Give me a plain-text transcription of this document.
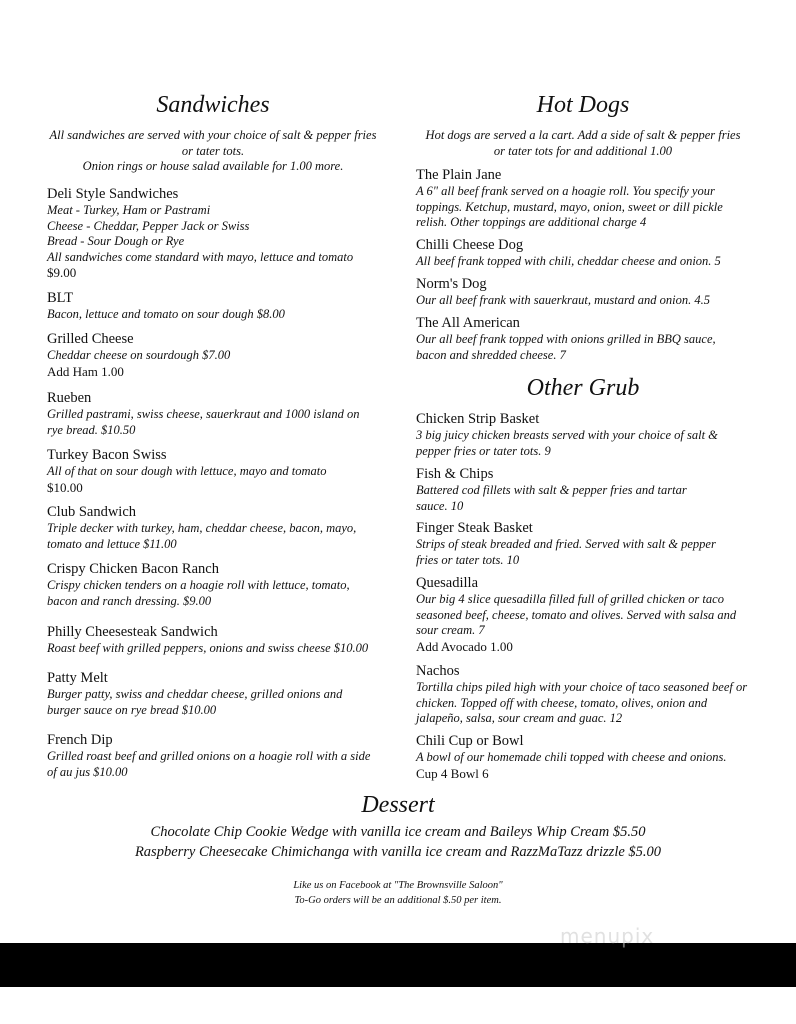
Sandwiches
All sandwiches are served with your choice of salt & pepper fries
or tater tots.
Onion rings or house salad available for 1.00 more.
Deli Style Sandwiches
Meat - Turkey, Ham or Pastrami
Cheese - Cheddar, Pepper Jack or Swiss
Bread - Sour Dough or Rye
All sandwiches come standard with mayo, lettuce and tomato
$9.00
BLT
Bacon, lettuce and tomato on sour dough $8.00
Grilled Cheese
Cheddar cheese on sourdough $7.00
Add Ham 1.00
Rueben
Grilled pastrami, swiss cheese, sauerkraut and 1000 island on
rye bread. $10.50
Turkey Bacon Swiss
All of that on sour dough with lettuce, mayo and tomato
$10.00
Club Sandwich
Triple decker with turkey, ham, cheddar cheese, bacon, mayo,
tomato and lettuce $11.00
Crispy Chicken Bacon Ranch
Crispy chicken tenders on a hoagie roll with lettuce, tomato,
bacon and ranch dressing. $9.00
Philly Cheesesteak Sandwich
Roast beef with grilled peppers, onions and swiss cheese $10.00
Patty Melt
Burger patty, swiss and cheddar cheese, grilled onions and
burger sauce on rye bread $10.00
French Dip
Grilled roast beef and grilled onions on a hoagie roll with a side
of au jus $10.00
Hot Dogs
Hot dogs are served a la cart. Add a side of salt & pepper fries
or tater tots for and additional 1.00
The Plain Jane
A 6" all beef frank served on a hoagie roll. You specify your
toppings. Ketchup, mustard, mayo, onion, sweet or dill pickle
relish. Other toppings are additional charge 4
Chilli Cheese Dog
All beef frank topped with chili, cheddar cheese and onion. 5
Norm's Dog
Our all beef frank with sauerkraut, mustard and onion. 4.5
The All American
Our all beef frank topped with onions grilled in BBQ sauce,
bacon and shredded cheese. 7
Other Grub
Chicken Strip Basket
3 big juicy chicken breasts served with your choice of salt &
pepper fries or tater tots. 9
Fish & Chips
Battered cod fillets with salt & pepper fries and tartar
sauce. 10
Finger Steak Basket
Strips of steak breaded and fried. Served with salt & pepper
fries or tater tots. 10
Quesadilla
Our big 4 slice quesadilla filled full of grilled chicken or taco
seasoned beef, cheese, tomato and olives. Served with salsa and
sour cream. 7
Add Avocado 1.00
Nachos
Tortilla chips piled high with your choice of taco seasoned beef or
chicken. Topped off with cheese, tomato, olives, onion and
jalapeño, salsa, sour cream and guac. 12
Chili Cup or Bowl
A bowl of our homemade chili topped with cheese and onions.
Cup 4 Bowl 6
Dessert
Chocolate Chip Cookie Wedge with vanilla ice cream and Baileys Whip Cream $5.50
Raspberry Cheesecake Chimichanga with vanilla ice cream and RazzMaTazz drizzle $5.00
Like us on Facebook at "The Brownsville Saloon"
To-Go orders will be an additional $.50 per item.
menupix
